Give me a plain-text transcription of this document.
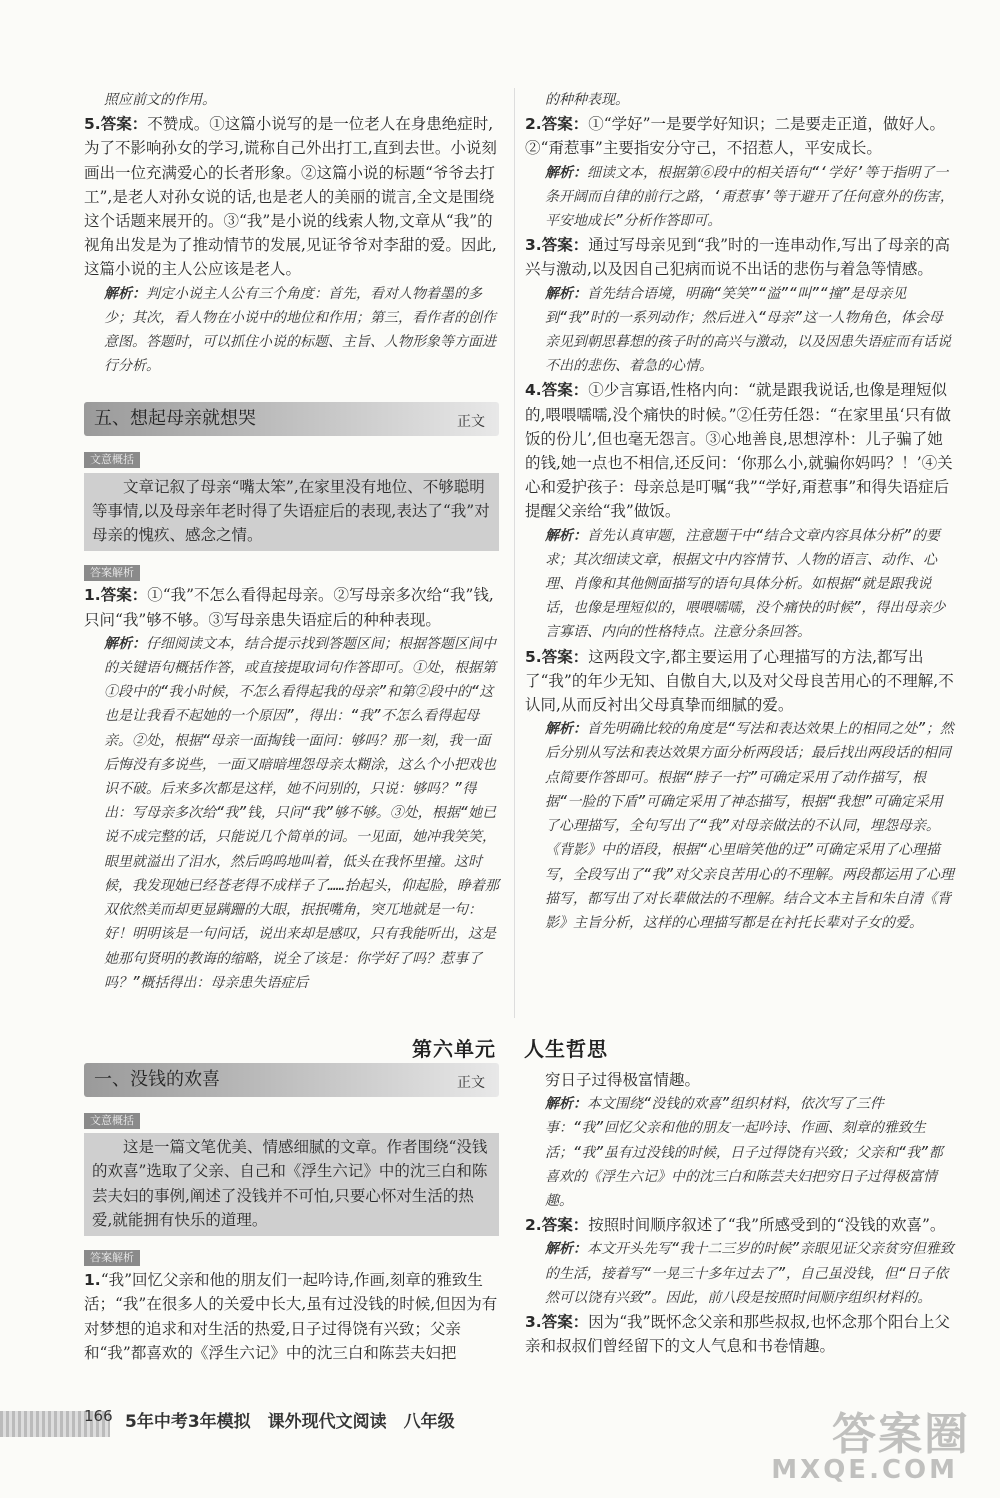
照应前文的作用。

5.答案：不赞成。①这篇小说写的是一位老人在身患绝症时,为了不影响孙女的学习,谎称自己外出打工,直到去世。小说刻画出一位充满爱心的长者形象。②这篇小说的标题“爷爷去打工”,是老人对孙女说的话,也是老人的美丽的谎言,全文是围绕这个话题来展开的。③“我”是小说的线索人物,文章从“我”的视角出发是为了推动情节的发展,见证爷爷对李甜的爱。因此,这篇小说的主人公应该是老人。

解析：判定小说主人公有三个角度：首先，看对人物着墨的多少；其次，看人物在小说中的地位和作用；第三，看作者的创作意图。答题时，可以抓住小说的标题、主旨、人物形象等方面进行分析。

五、想起母亲就想哭	正文
文意概括

文章记叙了母亲“嘴太笨”,在家里没有地位、不够聪明等事情,以及母亲年老时得了失语症后的表现,表达了“我”对母亲的愧疚、感念之情。

答案解析

1.答案：①“我”不怎么看得起母亲。②写母亲多次给“我”钱,只问“我”够不够。③写母亲患失语症后的种种表现。

解析：仔细阅读文本，结合提示找到答题区间；根据答题区间中的关键语句概括作答，或直接提取词句作答即可。①处，根据第①段中的“我小时候，不怎么看得起我的母亲”和第②段中的“这也是让我看不起她的一个原因”，得出：“我”不怎么看得起母亲。②处，根据“母亲一面掏钱一面问：够吗？那一刻，我一面后悔没有多说些，一面又暗暗埋怨母亲太糊涂，这么个小把戏也识不破。后来多次都是这样，她不问别的，只说：够吗？”得出：写母亲多次给“我”钱，只问“我”够不够。③处，根据“她已说不成完整的话，只能说几个简单的词。一见面，她冲我笑笑，眼里就溢出了泪水，然后呜呜地叫着，低头在我怀里撞。这时候，我发现她已经苍老得不成样子了……抬起头，仰起脸，睁着那双依然美而却更显蹒跚的大眼，抿抿嘴角，突兀地就是一句：好！明明该是一句问话，说出来却是感叹，只有我能听出，这是她那句贤明的教诲的缩略，说全了该是：你学好了吗？惹事了吗？”概括得出：母亲患失语症后

的种种表现。

2.答案：①“学好”一是要学好知识；二是要走正道，做好人。②“甭惹事”主要指安分守己，不招惹人，平安成长。

解析：细读文本，根据第⑥段中的相关语句“‘学好’等于指明了一条开阔而自律的前行之路，‘甭惹事’等于避开了任何意外的伤害，平安地成长”分析作答即可。

3.答案：通过写母亲见到“我”时的一连串动作,写出了母亲的高兴与激动,以及因自己犯病而说不出话的悲伤与着急等情感。

解析：首先结合语境，明确“笑笑”“溢”“叫”“撞”是母亲见到“我”时的一系列动作；然后进入“母亲”这一人物角色，体会母亲见到朝思暮想的孩子时的高兴与激动，以及因患失语症而有话说不出的悲伤、着急的心情。

4.答案：①少言寡语,性格内向：“就是跟我说话,也像是理短似的,喂喂嚅嚅,没个痛快的时候。”②任劳任怨：“在家里虽‘只有做饭的份儿’,但也毫无怨言。③心地善良,思想淳朴：儿子骗了她的钱,她一点也不相信,还反问：‘你那么小,就骗你妈吗？！’④关心和爱护孩子：母亲总是叮嘱“我”“学好,甭惹事”和得失语症后提醒父亲给“我”做饭。

解析：首先认真审题，注意题干中“结合文章内容具体分析”的要求；其次细读文章，根据文中内容情节、人物的语言、动作、心理、肖像和其他侧面描写的语句具体分析。如根据“就是跟我说话，也像是理短似的，喂喂嚅嚅，没个痛快的时候”，得出母亲少言寡语、内向的性格特点。注意分条回答。

5.答案：这两段文字,都主要运用了心理描写的方法,都写出了“我”的年少无知、自傲自大,以及对父母良苦用心的不理解,不认同,从而反衬出父母真挚而细腻的爱。

解析：首先明确比较的角度是“写法和表达效果上的相同之处”；然后分别从写法和表达效果方面分析两段话；最后找出两段话的相同点简要作答即可。根据“脖子一拧”可确定采用了动作描写，根据“一脸的下盾”可确定采用了神态描写，根据“我想”可确定采用了心理描写，全句写出了“我”对母亲做法的不认同，埋怨母亲。《背影》中的语段，根据“心里暗笑他的迂”可确定采用了心理描写，全段写出了“我”对父亲良苦用心的不理解。两段都运用了心理描写，都写出了对长辈做法的不理解。结合文本主旨和朱自清《背影》主旨分析，这样的心理描写都是在衬托长辈对子女的爱。

第六单元 人生哲思
一、没钱的欢喜	正文
文意概括

这是一篇文笔优美、情感细腻的文章。作者围绕“没钱的欢喜”选取了父亲、自己和《浮生六记》中的沈三白和陈芸夫妇的事例,阐述了没钱并不可怕,只要心怀对生活的热爱,就能拥有快乐的道理。

答案解析

1.“我”回忆父亲和他的朋友们一起吟诗,作画,刻章的雅致生活；“我”在很多人的关爱中长大,虽有过没钱的时候,但因为有对梦想的追求和对生活的热爱,日子过得饶有兴致；父亲和“我”都喜欢的《浮生六记》中的沈三白和陈芸夫妇把

穷日子过得极富情趣。

解析：本文围绕“没钱的欢喜”组织材料，依次写了三件事：“我”回忆父亲和他的朋友一起吟诗、作画、刻章的雅致生活；“我”虽有过没钱的时候，日子过得饶有兴致；父亲和“我”都喜欢的《浮生六记》中的沈三白和陈芸夫妇把穷日子过得极富情趣。

2.答案：按照时间顺序叙述了“我”所感受到的“没钱的欢喜”。

解析：本文开头先写“我十二三岁的时候”亲眼见证父亲贫穷但雅致的生活，接着写“一晃三十多年过去了”，自己虽没钱，但“日子依然可以饶有兴致”。因此，前八段是按照时间顺序组织材料的。

3.答案：因为“我”既怀念父亲和那些叔叔,也怀念那个阳台上父亲和叔叔们曾经留下的文人气息和书卷情趣。

166 5年中考3年模拟　课外现代文阅读　八年级	答案圈
MXQE.COM
